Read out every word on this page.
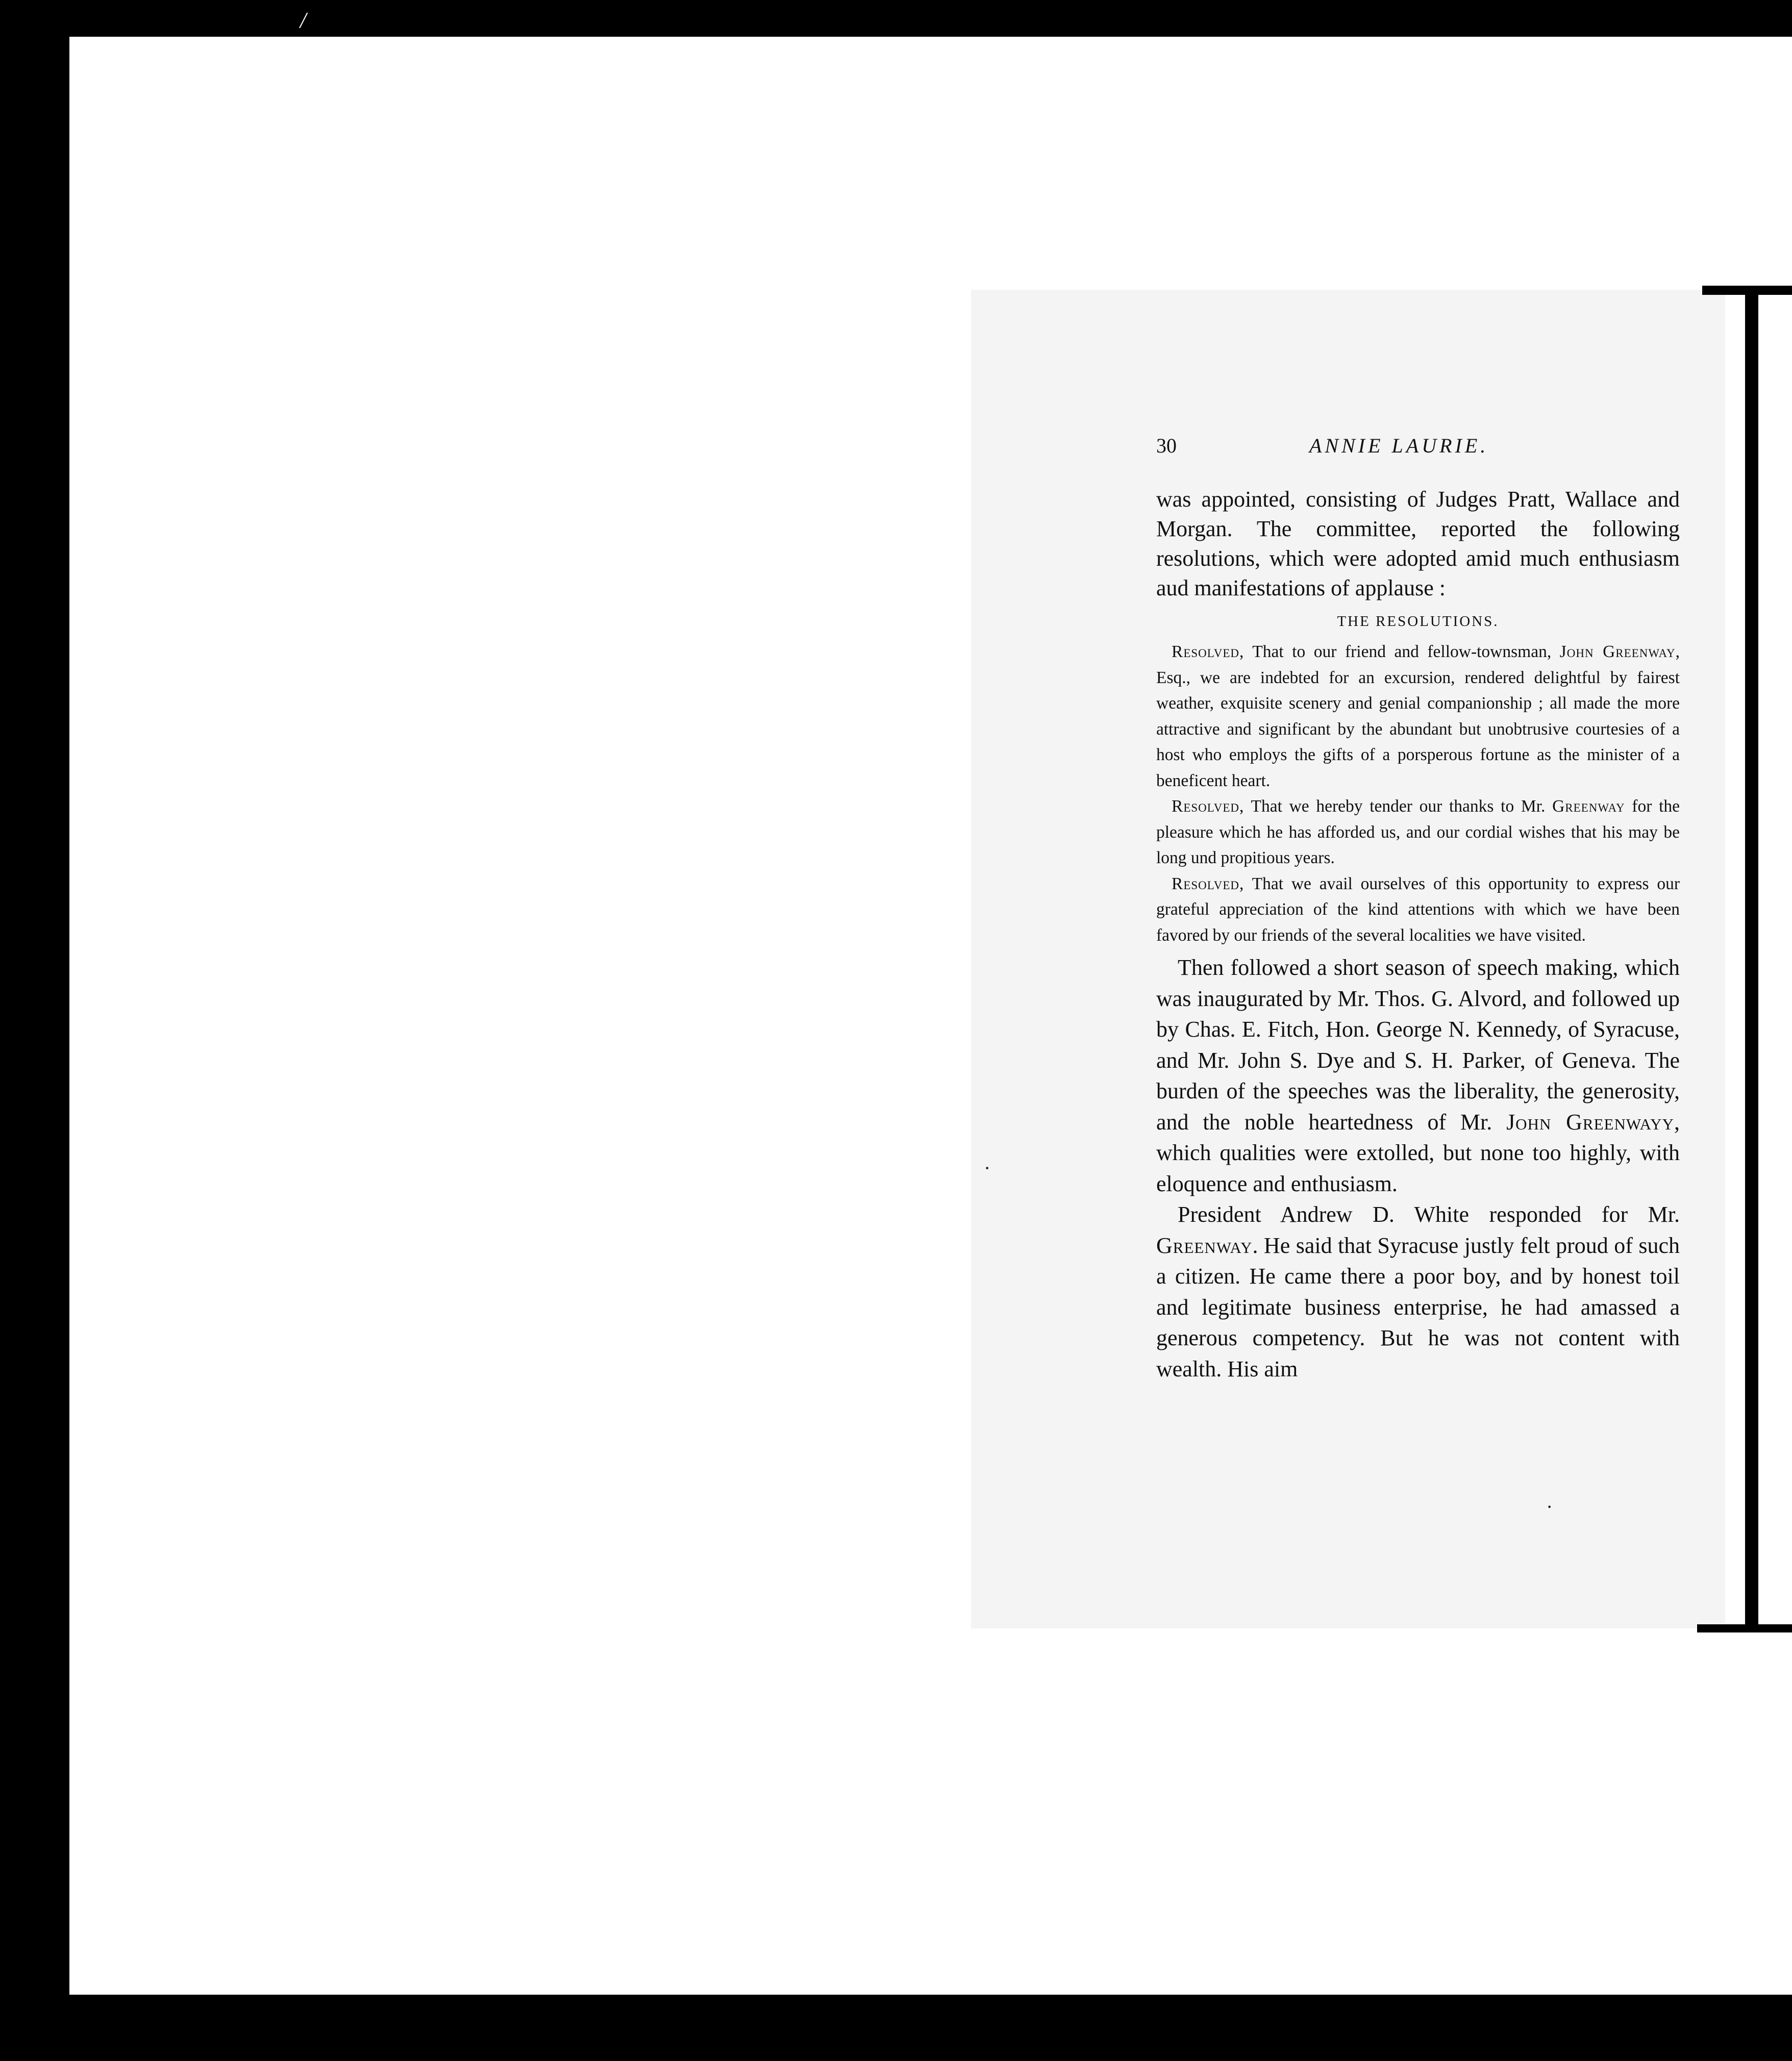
/
30	ANNIE LAURIE.

was appointed, consisting of Judges Pratt, Wallace and Morgan. The committee, reported the following resolutions, which were adopted amid much enthusiasm aud manifestations of applause :

THE RESOLUTIONS.

Resolved, That to our friend and fellow-townsman, John Greenway, Esq., we are indebted for an excursion, rendered delightful by fairest weather, exquisite scenery and genial companionship ; all made the more attractive and significant by the abundant but unobtrusive courtesies of a host who employs the gifts of a porsperous fortune as the minister of a beneficent heart.

Resolved, That we hereby tender our thanks to Mr. Greenway for the pleasure which he has afforded us, and our cordial wishes that his may be long und propitious years.

Resolved, That we avail ourselves of this opportunity to express our grateful appreciation of the kind attentions with which we have been favored by our friends of the several localities we have visited.

Then followed a short season of speech making, which was inaugurated by Mr. Thos. G. Alvord, and followed up by Chas. E. Fitch, Hon. George N. Kennedy, of Syracuse, and Mr. John S. Dye and S. H. Parker, of Geneva. The burden of the speeches was the liberality, the generosity, and the noble heartedness of Mr. John Greenwayy, which qualities were extolled, but none too highly, with eloquence and enthusiasm.

President Andrew D. White responded for Mr. Greenway. He said that Syracuse justly felt proud of such a citizen. He came there a poor boy, and by honest toil and legitimate business enterprise, he had amassed a generous competency. But he was not content with wealth. His aim

·
·
